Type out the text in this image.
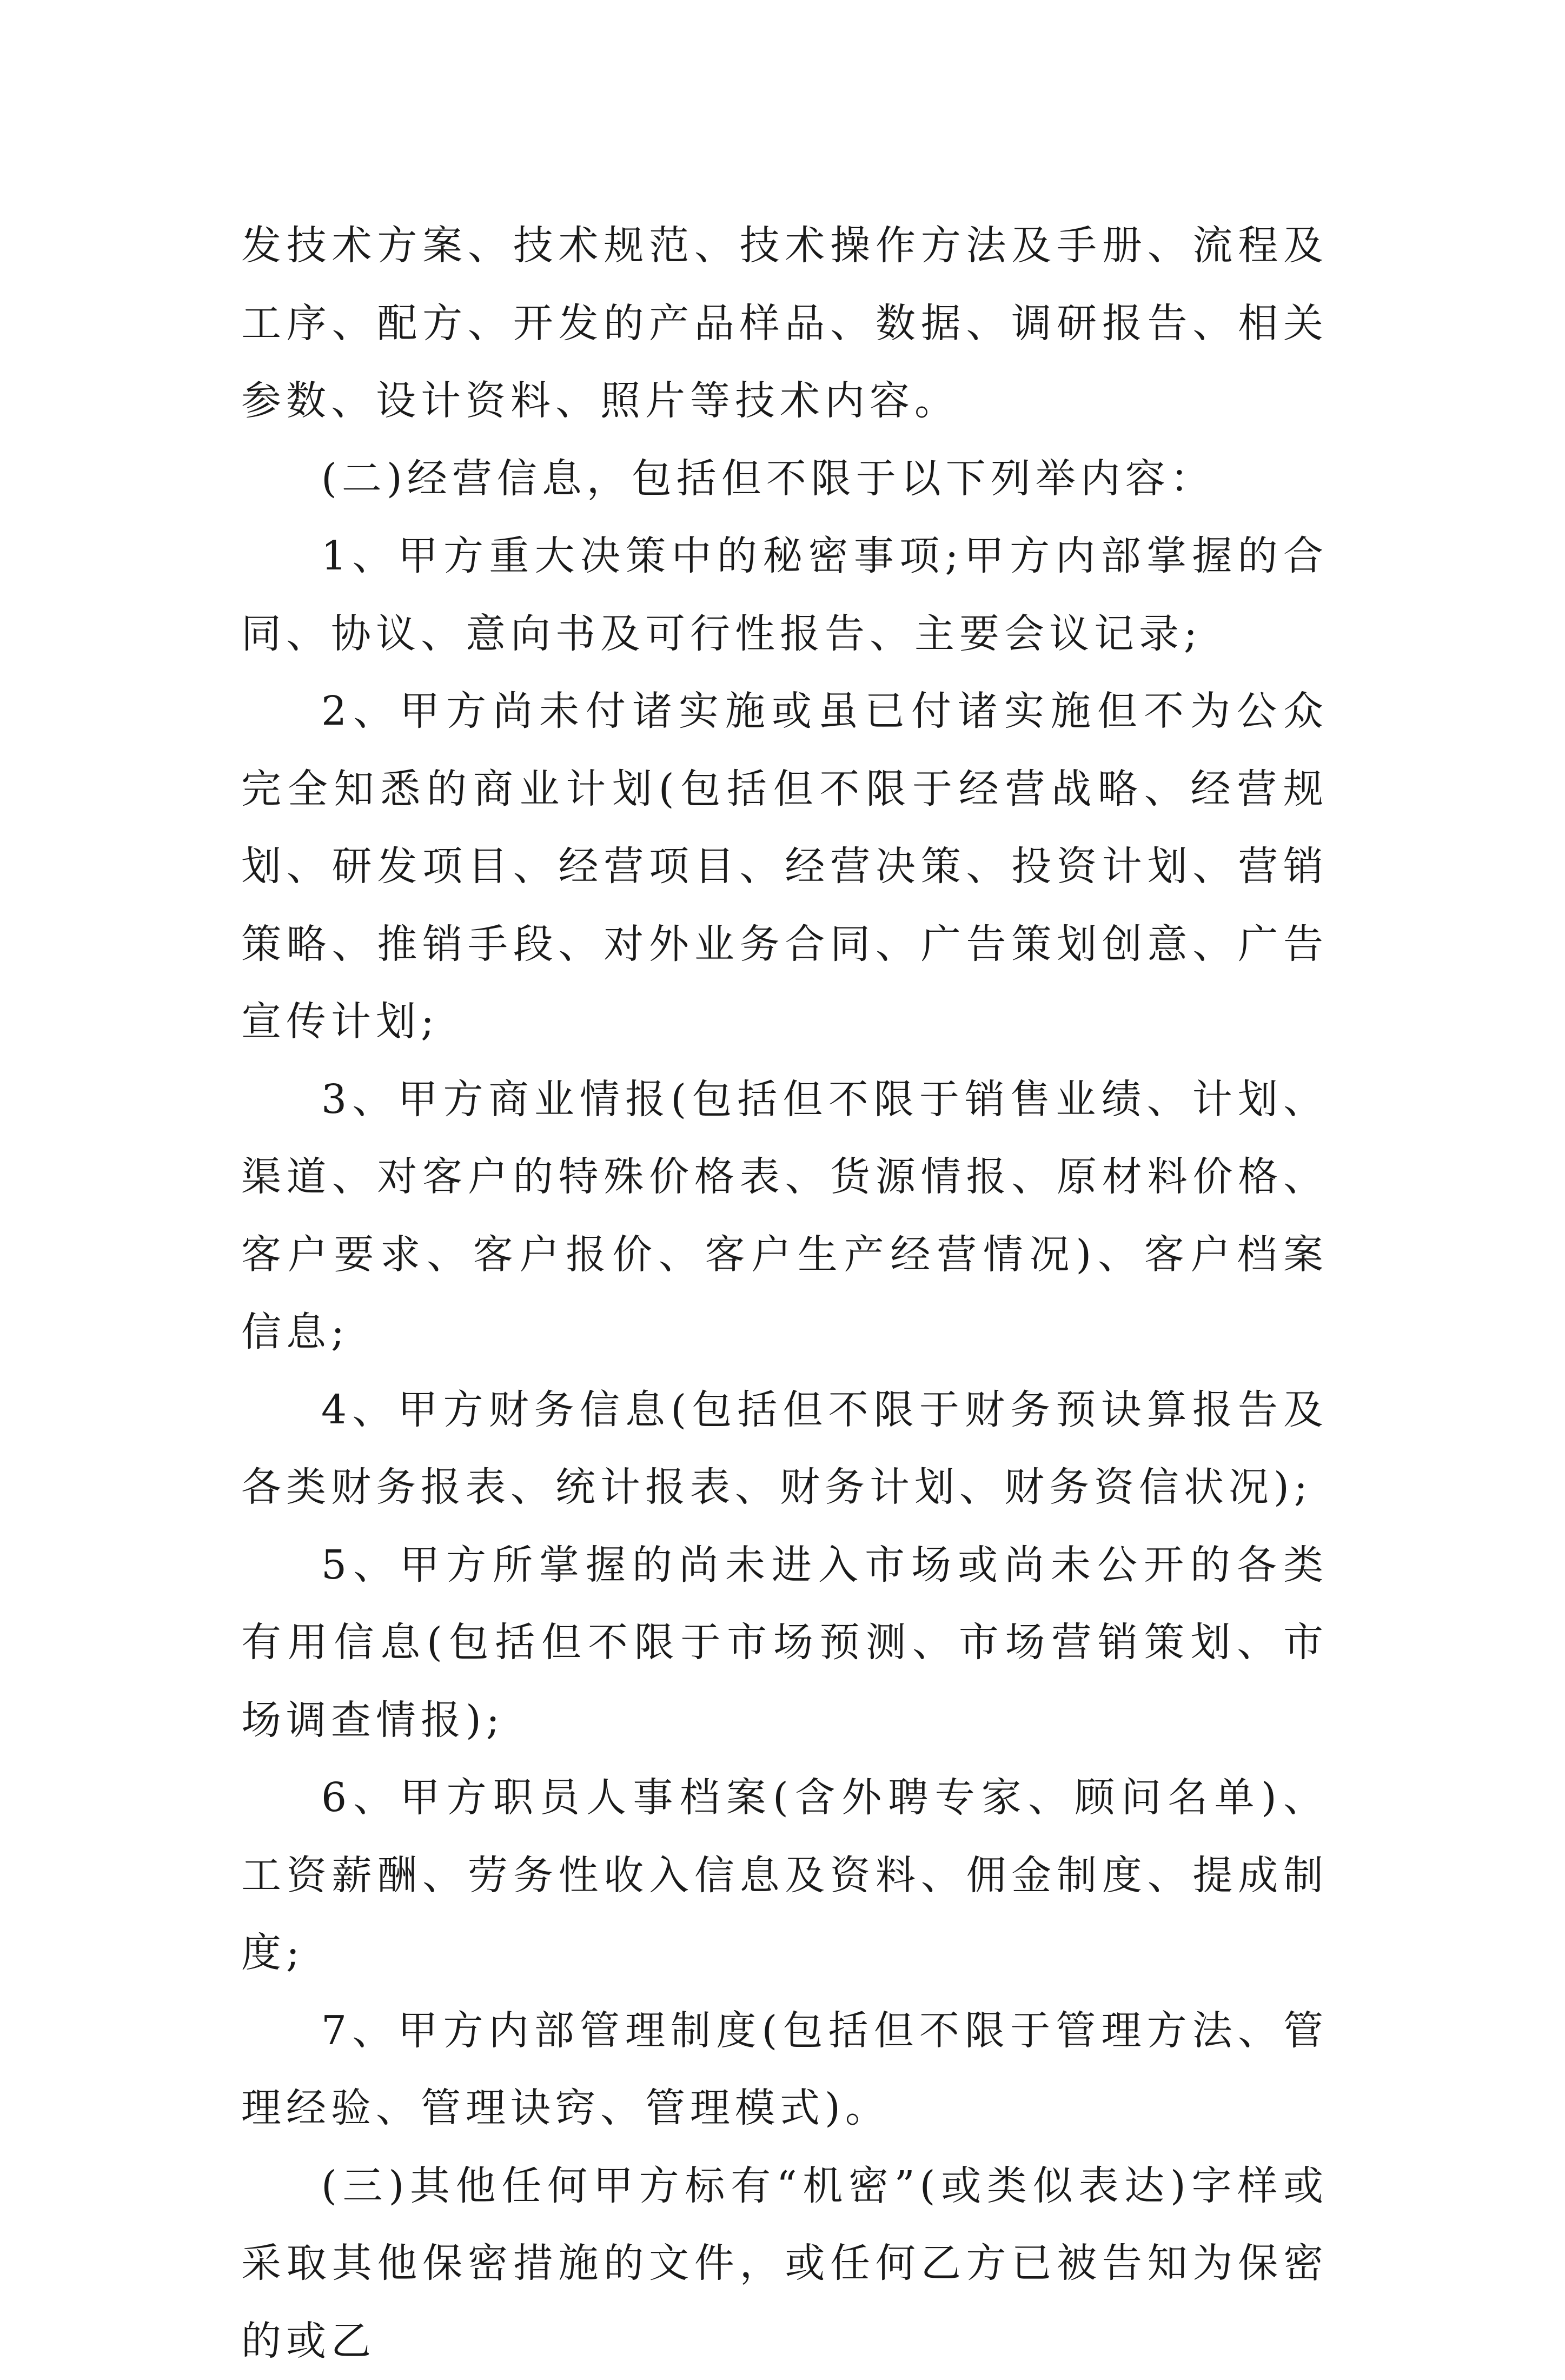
发技术方案、技术规范、技术操作方法及手册、流程及工序、配方、开发的产品样品、数据、调研报告、相关参数、设计资料、照片等技术内容。

(二)经营信息，包括但不限于以下列举内容：

1、甲方重大决策中的秘密事项;甲方内部掌握的合同、协议、意向书及可行性报告、主要会议记录;

2、甲方尚未付诸实施或虽已付诸实施但不为公众完全知悉的商业计划(包括但不限于经营战略、经营规划、研发项目、经营项目、经营决策、投资计划、营销策略、推销手段、对外业务合同、广告策划创意、广告宣传计划;

3、甲方商业情报(包括但不限于销售业绩、计划、渠道、对客户的特殊价格表、货源情报、原材料价格、客户要求、客户报价、客户生产经营情况)、客户档案信息;

4、甲方财务信息(包括但不限于财务预诀算报告及各类财务报表、统计报表、财务计划、财务资信状况);

5、甲方所掌握的尚未进入市场或尚未公开的各类有用信息(包括但不限于市场预测、市场营销策划、市场调查情报);

6、甲方职员人事档案(含外聘专家、顾问名单)、工资薪酬、劳务性收入信息及资料、佣金制度、提成制度;

7、甲方内部管理制度(包括但不限于管理方法、管理经验、管理诀窍、管理模式)。

(三)其他任何甲方标有“机密”(或类似表达)字样或采取其他保密措施的文件，或任何乙方已被告知为保密的或乙
